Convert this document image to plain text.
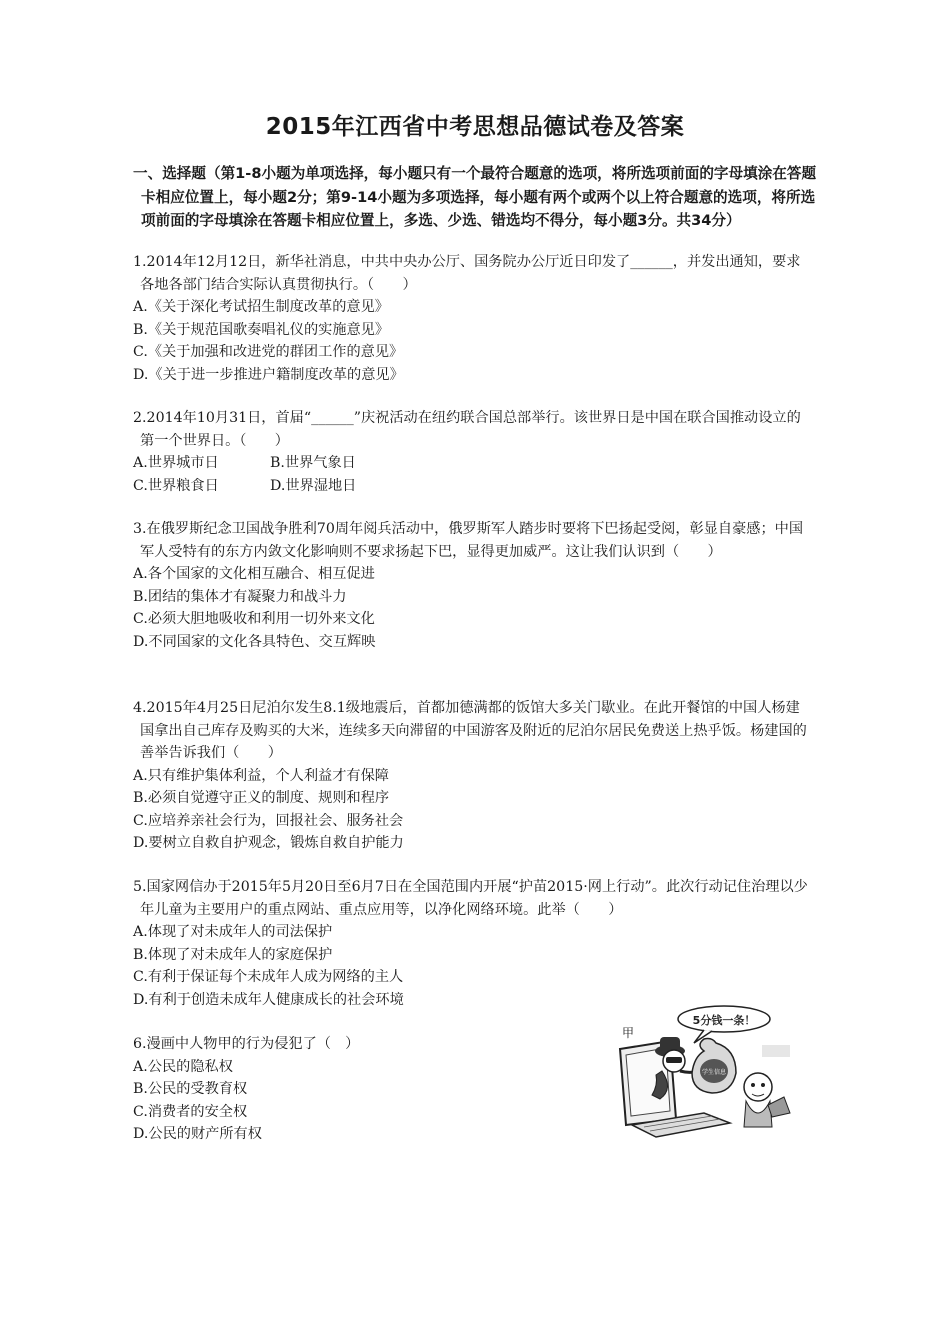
2015年江西省中考思想品德试卷及答案
一、选择题（第1-8小题为单项选择，每小题只有一个最符合题意的选项，将所选项前面的字母填涂在答题卡相应位置上，每小题2分；第9-14小题为多项选择，每小题有两个或两个以上符合题意的选项，将所选项前面的字母填涂在答题卡相应位置上，多选、少选、错选均不得分，每小题3分。共34分）
1.2014年12月12日，新华社消息，中共中央办公厅、国务院办公厅近日印发了______，并发出通知，要求各地各部门结合实际认真贯彻执行。（　　）
A.《关于深化考试招生制度改革的意见》
B.《关于规范国歌奏唱礼仪的实施意见》
C.《关于加强和改进党的群团工作的意见》
D.《关于进一步推进户籍制度改革的意见》
2.2014年10月31日，首届“______”庆祝活动在纽约联合国总部举行。该世界日是中国在联合国推动设立的第一个世界日。（　　）
A.世界城市日	B.世界气象日
C.世界粮食日	D.世界湿地日
3.在俄罗斯纪念卫国战争胜利70周年阅兵活动中，俄罗斯军人踏步时要将下巴扬起受阅，彰显自豪感；中国军人受特有的东方内敛文化影响则不要求扬起下巴，显得更加威严。这让我们认识到（　　）
A.各个国家的文化相互融合、相互促进
B.团结的集体才有凝聚力和战斗力
C.必须大胆地吸收和利用一切外来文化
D.不同国家的文化各具特色、交互辉映
4.2015年4月25日尼泊尔发生8.1级地震后，首都加德满都的饭馆大多关门歇业。在此开餐馆的中国人杨建国拿出自己库存及购买的大米，连续多天向滞留的中国游客及附近的尼泊尔居民免费送上热乎饭。杨建国的善举告诉我们（　　）
A.只有维护集体利益，个人利益才有保障
B.必须自觉遵守正义的制度、规则和程序
C.应培养亲社会行为，回报社会、服务社会
D.要树立自救自护观念，锻炼自救自护能力
5.国家网信办于2015年5月20日至6月7日在全国范围内开展“护苗2015·网上行动”。此次行动记住治理以少年儿童为主要用户的重点网站、重点应用等，以净化网络环境。此举（　　）
A.体现了对未成年人的司法保护
B.体现了对未成年人的家庭保护
C.有利于保证每个未成年人成为网络的主人
D.有利于创造未成年人健康成长的社会环境
6.漫画中人物甲的行为侵犯了（　）
A.公民的隐私权
B.公民的受教育权
C.消费者的安全权
D.公民的财产所有权
5分钱一条！
甲
学生信息
